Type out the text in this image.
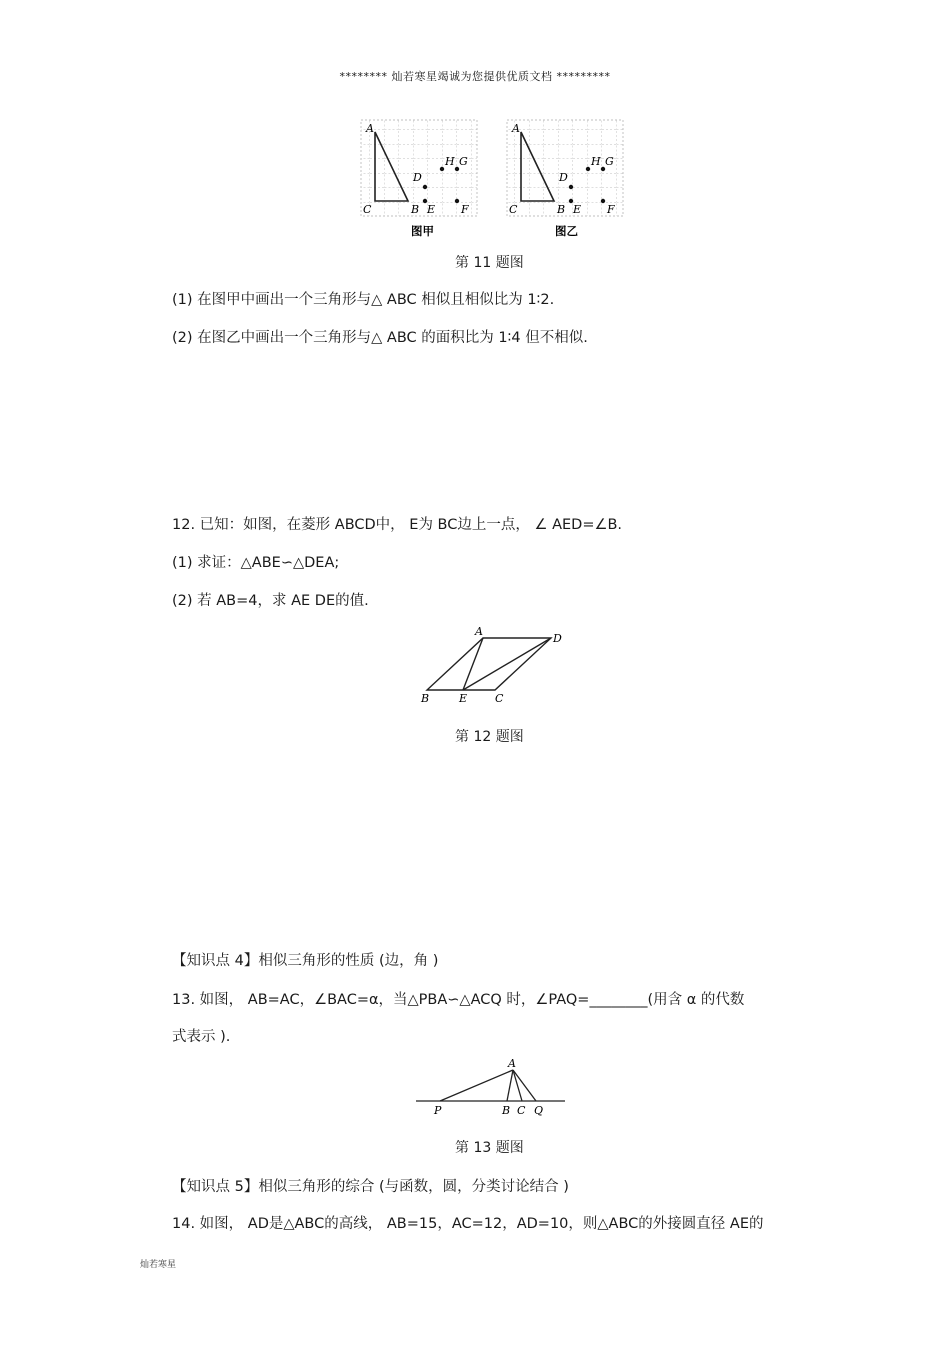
******** 灿若寒星竭诚为您提供优质文档 *********
A
C	B
D
E F
H G
图甲
A
C	B
D
E F
H G
图乙
第 11 题图
(1) 在图甲中画出一个三角形与△ ABC 相似且相似比为 1∶2.
(2) 在图乙中画出一个三角形与△ ABC 的面积比为 1∶4 但不相似.
12. 已知：如图，在菱形 ABCD中， E为 BC边上一点， ∠ AED=∠B.
(1) 求证：△ABE∽△DEA;
(2) 若 AB=4，求 AE DE的值.
A
D
B	E	C
第 12 题图
【知识点 4】相似三角形的性质 (边，角 )
13. 如图， AB=AC，∠BAC=α，当△PBA∽△ACQ 时，∠PAQ=________(用含 α 的代数
式表示 ).
A
P	B C Q
第 13 题图
【知识点 5】相似三角形的综合 (与函数，圆，分类讨论结合 )
14. 如图， AD是△ABC的高线， AB=15，AC=12，AD=10，则△ABC的外接圆直径 AE的
灿若寒星
